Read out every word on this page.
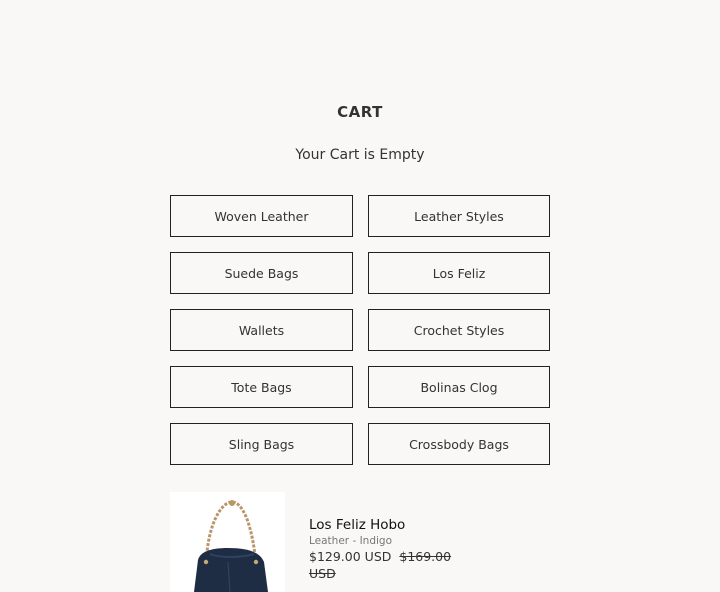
CART

Your Cart is Empty

Woven Leather	Leather Styles
Suede Bags	Los Feliz
Wallets	Crochet Styles
Tote Bags	Bolinas Clog
Sling Bags	Crossbody Bags
Los Feliz Hobo
Leather - Indigo
$129.00 USD $169.00 USD
